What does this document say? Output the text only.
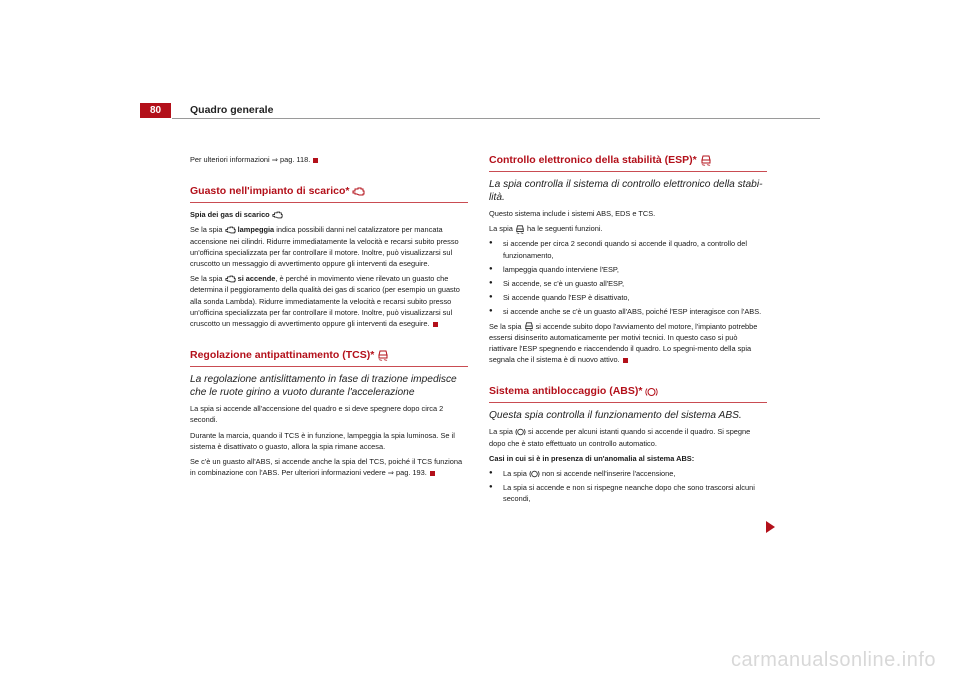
80	Quadro generale

Per ulteriori informazioni ⇒ pag. 118.

Guasto nell'impianto di scarico*

Spia dei gas di scarico

Se la spia lampeggia indica possibili danni nel catalizzatore per mancata accensione nei cilindri. Ridurre immediatamente la velocità e recarsi subito presso un'officina specializzata per far controllare il motore. Inoltre, può visualizzarsi sul cruscotto un messaggio di avvertimento oppure gli interventi da eseguire.

Se la spia si accende, è perché in movimento viene rilevato un guasto che determina il peggioramento della qualità dei gas di scarico (per esempio un guasto alla sonda Lambda). Ridurre immediatamente la velocità e recarsi subito presso un'officina specializzata per far controllare il motore. Inoltre, può visualizzarsi sul cruscotto un messaggio di avvertimento oppure gli interventi da eseguire.

Regolazione antipattinamento (TCS)*

La regolazione antislittamento in fase di trazione impedisce che le ruote girino a vuoto durante l'accelerazione

La spia si accende all'accensione del quadro e si deve spegnere dopo circa 2 secondi.

Durante la marcia, quando il TCS è in funzione, lampeggia la spia luminosa. Se il sistema è disattivato o guasto, allora la spia rimane accesa.

Se c'è un guasto all'ABS, si accende anche la spia del TCS, poiché il TCS funziona in combinazione con l'ABS. Per ulteriori informazioni vedere ⇒ pag. 193.

Controllo elettronico della stabilità (ESP)*

La spia controlla il sistema di controllo elettronico della stabi-lità.

Questo sistema include i sistemi ABS, EDS e TCS.

La spia ha le seguenti funzioni.

● si accende per circa 2 secondi quando si accende il quadro, a controllo del funzionamento,
● lampeggia quando interviene l'ESP,
● Si accende, se c'è un guasto all'ESP,
● Si accende quando l'ESP è disattivato,
● si accende anche se c'è un guasto all'ABS, poiché l'ESP interagisce con l'ABS.

Se la spia si accende subito dopo l'avviamento del motore, l'impianto potrebbe essersi disinserito automaticamente per motivi tecnici. In questo caso si può riattivare l'ESP spegnendo e riaccendendo il quadro. Lo spegni-mento della spia segnala che il sistema è di nuovo attivo.

Sistema antibloccaggio (ABS)*

Questa spia controlla il funzionamento del sistema ABS.

La spia si accende per alcuni istanti quando si accende il quadro. Si spegne dopo che è stato effettuato un controllo automatico.

Casi in cui si è in presenza di un'anomalia al sistema ABS:

● La spia non si accende nell'inserire l'accensione,
● La spia si accende e non si rispegne neanche dopo che sono trascorsi alcuni secondi,
carmanualsonline.info
